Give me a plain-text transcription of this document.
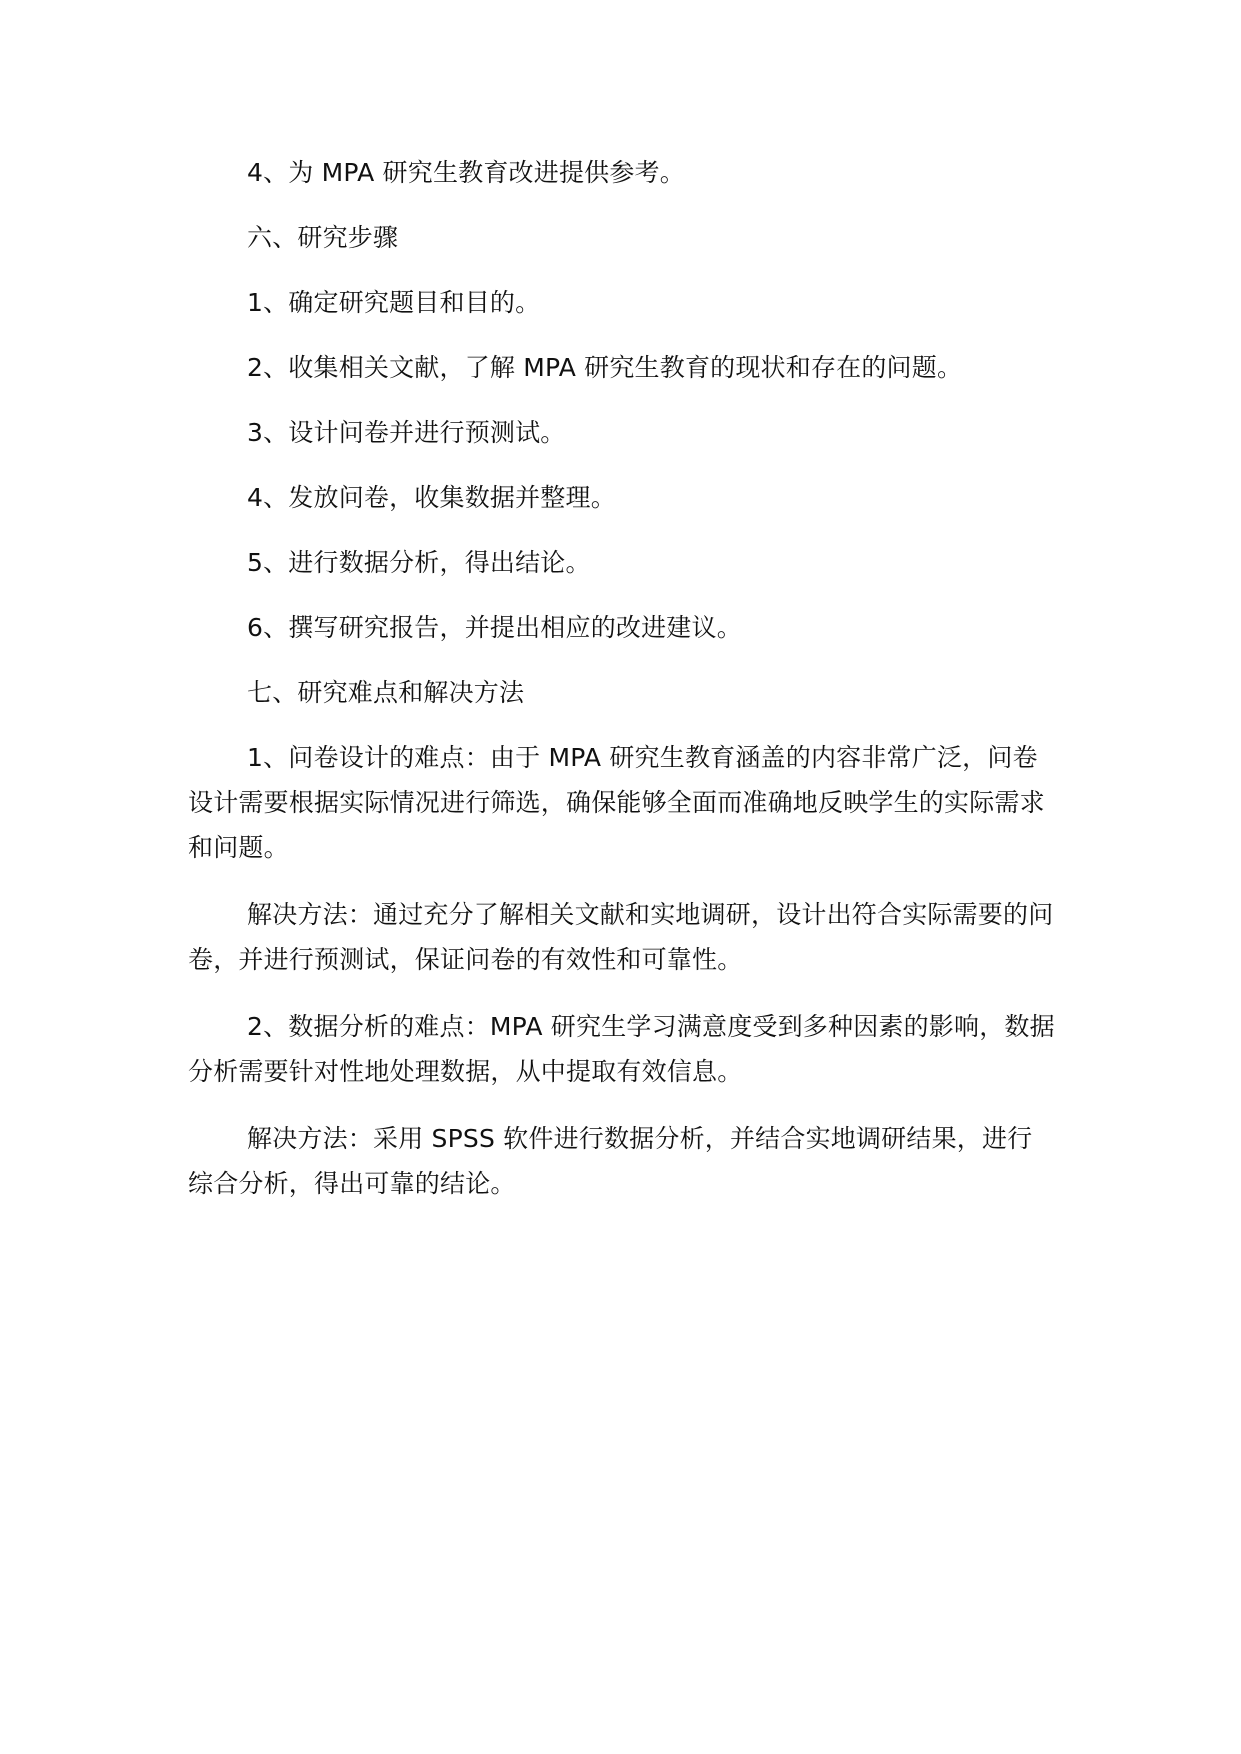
4、为 MPA 研究生教育改进提供参考。

六、研究步骤

1、确定研究题目和目的。

2、收集相关文献，了解 MPA 研究生教育的现状和存在的问题。

3、设计问卷并进行预测试。

4、发放问卷，收集数据并整理。

5、进行数据分析，得出结论。

6、撰写研究报告，并提出相应的改进建议。

七、研究难点和解决方法

1、问卷设计的难点：由于 MPA 研究生教育涵盖的内容非常广泛，问卷设计需要根据实际情况进行筛选，确保能够全面而准确地反映学生的实际需求和问题。

解决方法：通过充分了解相关文献和实地调研，设计出符合实际需要的问卷，并进行预测试，保证问卷的有效性和可靠性。

2、数据分析的难点：MPA 研究生学习满意度受到多种因素的影响，数据分析需要针对性地处理数据，从中提取有效信息。

解决方法：采用 SPSS 软件进行数据分析，并结合实地调研结果，进行综合分析，得出可靠的结论。
